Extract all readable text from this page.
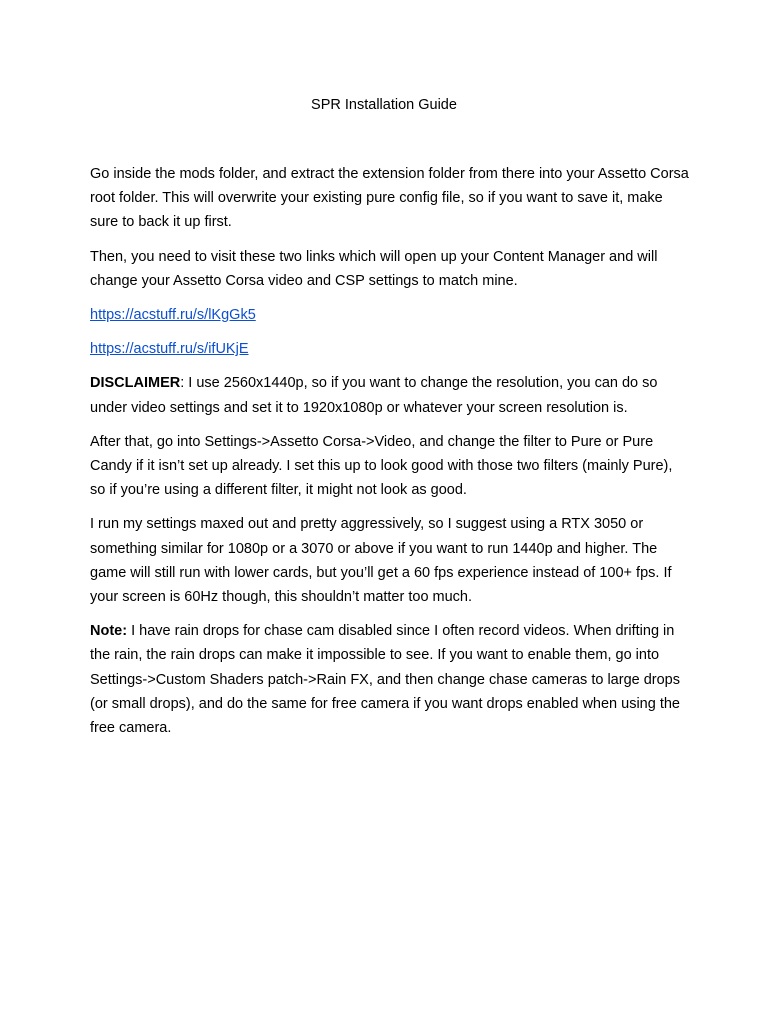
SPR Installation Guide

Go inside the mods folder, and extract the extension folder from there into your Assetto Corsa root folder. This will overwrite your existing pure config file, so if you want to save it, make sure to back it up first.

Then, you need to visit these two links which will open up your Content Manager and will change your Assetto Corsa video and CSP settings to match mine.

https://acstuff.ru/s/lKgGk5

https://acstuff.ru/s/ifUKjE

DISCLAIMER: I use 2560x1440p, so if you want to change the resolution, you can do so under video settings and set it to 1920x1080p or whatever your screen resolution is.

After that, go into Settings->Assetto Corsa->Video, and change the filter to Pure or Pure Candy if it isn’t set up already. I set this up to look good with those two filters (mainly Pure), so if you’re using a different filter, it might not look as good.

I run my settings maxed out and pretty aggressively, so I suggest using a RTX 3050 or something similar for 1080p or a 3070 or above if you want to run 1440p and higher. The game will still run with lower cards, but you’ll get a 60 fps experience instead of 100+ fps. If your screen is 60Hz though, this shouldn’t matter too much.

Note: I have rain drops for chase cam disabled since I often record videos. When drifting in the rain, the rain drops can make it impossible to see. If you want to enable them, go into Settings->Custom Shaders patch->Rain FX, and then change chase cameras to large drops (or small drops), and do the same for free camera if you want drops enabled when using the free camera.
